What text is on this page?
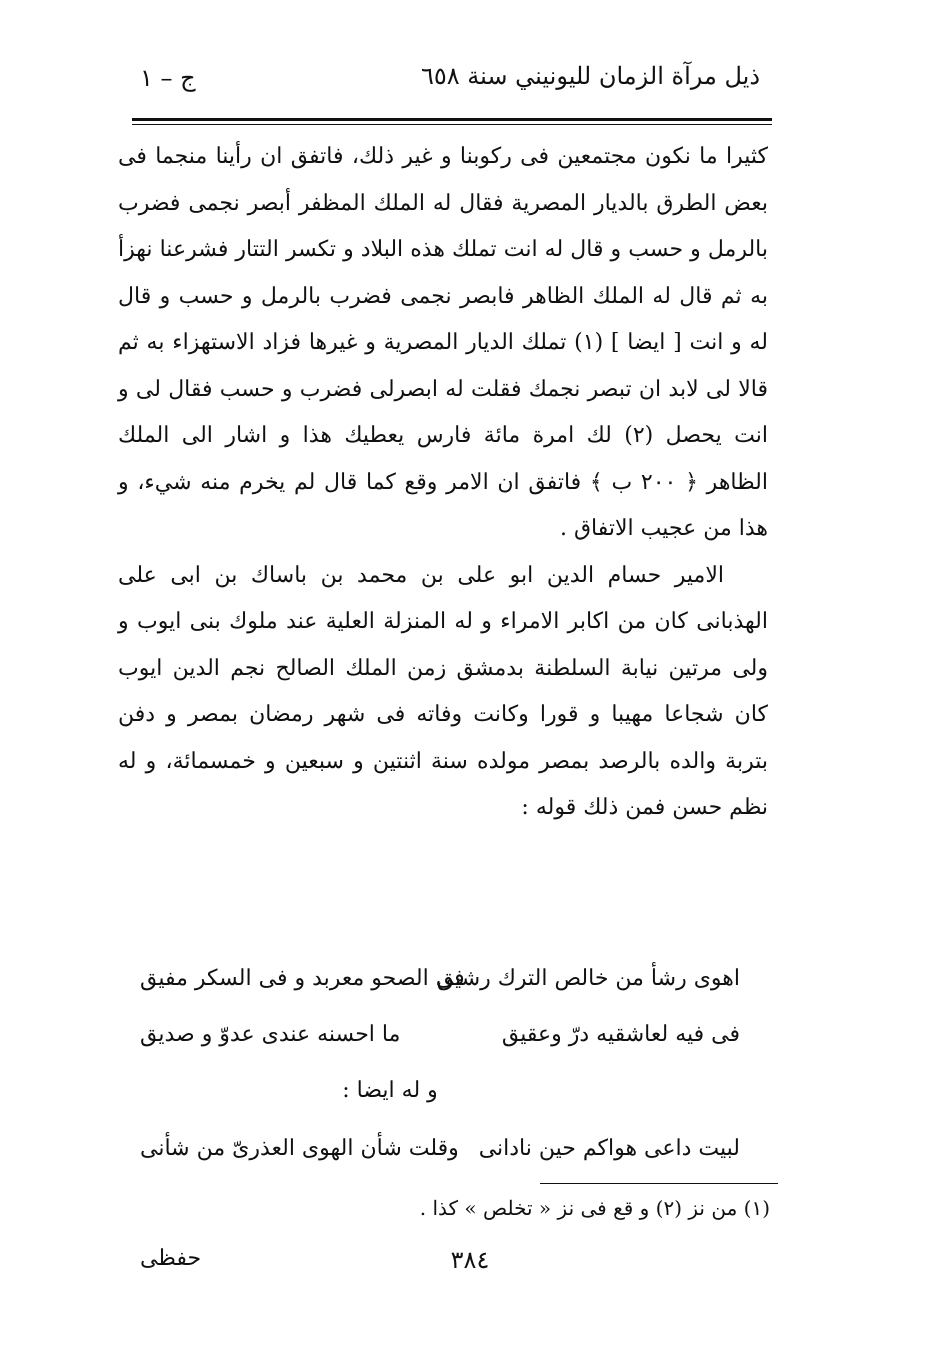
ذيل مرآة الزمان لليونيني سنة ٦٥٨
ج – ١

كثيرا ما نكون مجتمعين فى ركوبنا و غير ذلك، فاتفق ان رأينا منجما فى بعض الطرق بالديار المصرية فقال له الملك المظفر أبصر نجمى فضرب بالرمل و حسب و قال له انت تملك هذه البلاد و تكسر التتار فشرعنا نهزأ به ثم قال له الملك الظاهر فابصر نجمى فضرب بالرمل و حسب و قال له و انت [ ايضا ] (١) تملك الديار المصرية و غيرها فزاد الاستهزاء به ثم قالا لى لابد ان تبصر نجمك فقلت له ابصرلى فضرب و حسب فقال لى و انت يحصل (٢) لك امرة مائة فارس يعطيك هذا و اشار الى الملك الظاهر ﴿ ٢٠٠ ب ﴾ فاتفق ان الامر وقع كما قال لم يخرم منه شيء، و هذا من عجيب الاتفاق .

الامير حسام الدين ابو على بن محمد بن باساك بن ابى على الهذبانى كان من اكابر الامراء و له المنزلة العلية عند ملوك بنى ايوب و ولى مرتين نيابة السلطنة بدمشق زمن الملك الصالح نجم الدين ايوب كان شجاعا مهيبا و قورا وكانت وفاته فى شهر رمضان بمصر و دفن بتربة والده بالرصد بمصر مولده سنة اثنتين و سبعين و خمسمائة، و له نظم حسن فمن ذلك قوله :

اهوى رشأ من خالص الترك رشيق
فى الصحو معربد و فى السكر مفيق
فى فيه لعاشقيه درّ وعقيق
ما احسنه عندى عدوّ و صديق
و له ايضا :
لبيت داعى هواكم حين نادانى
وقلت شأن الهوى العذرىّ من شأنى
(١) من نز (٢) و قع فى نز « تخلص » كذا .
٣٨٤
حفظى
